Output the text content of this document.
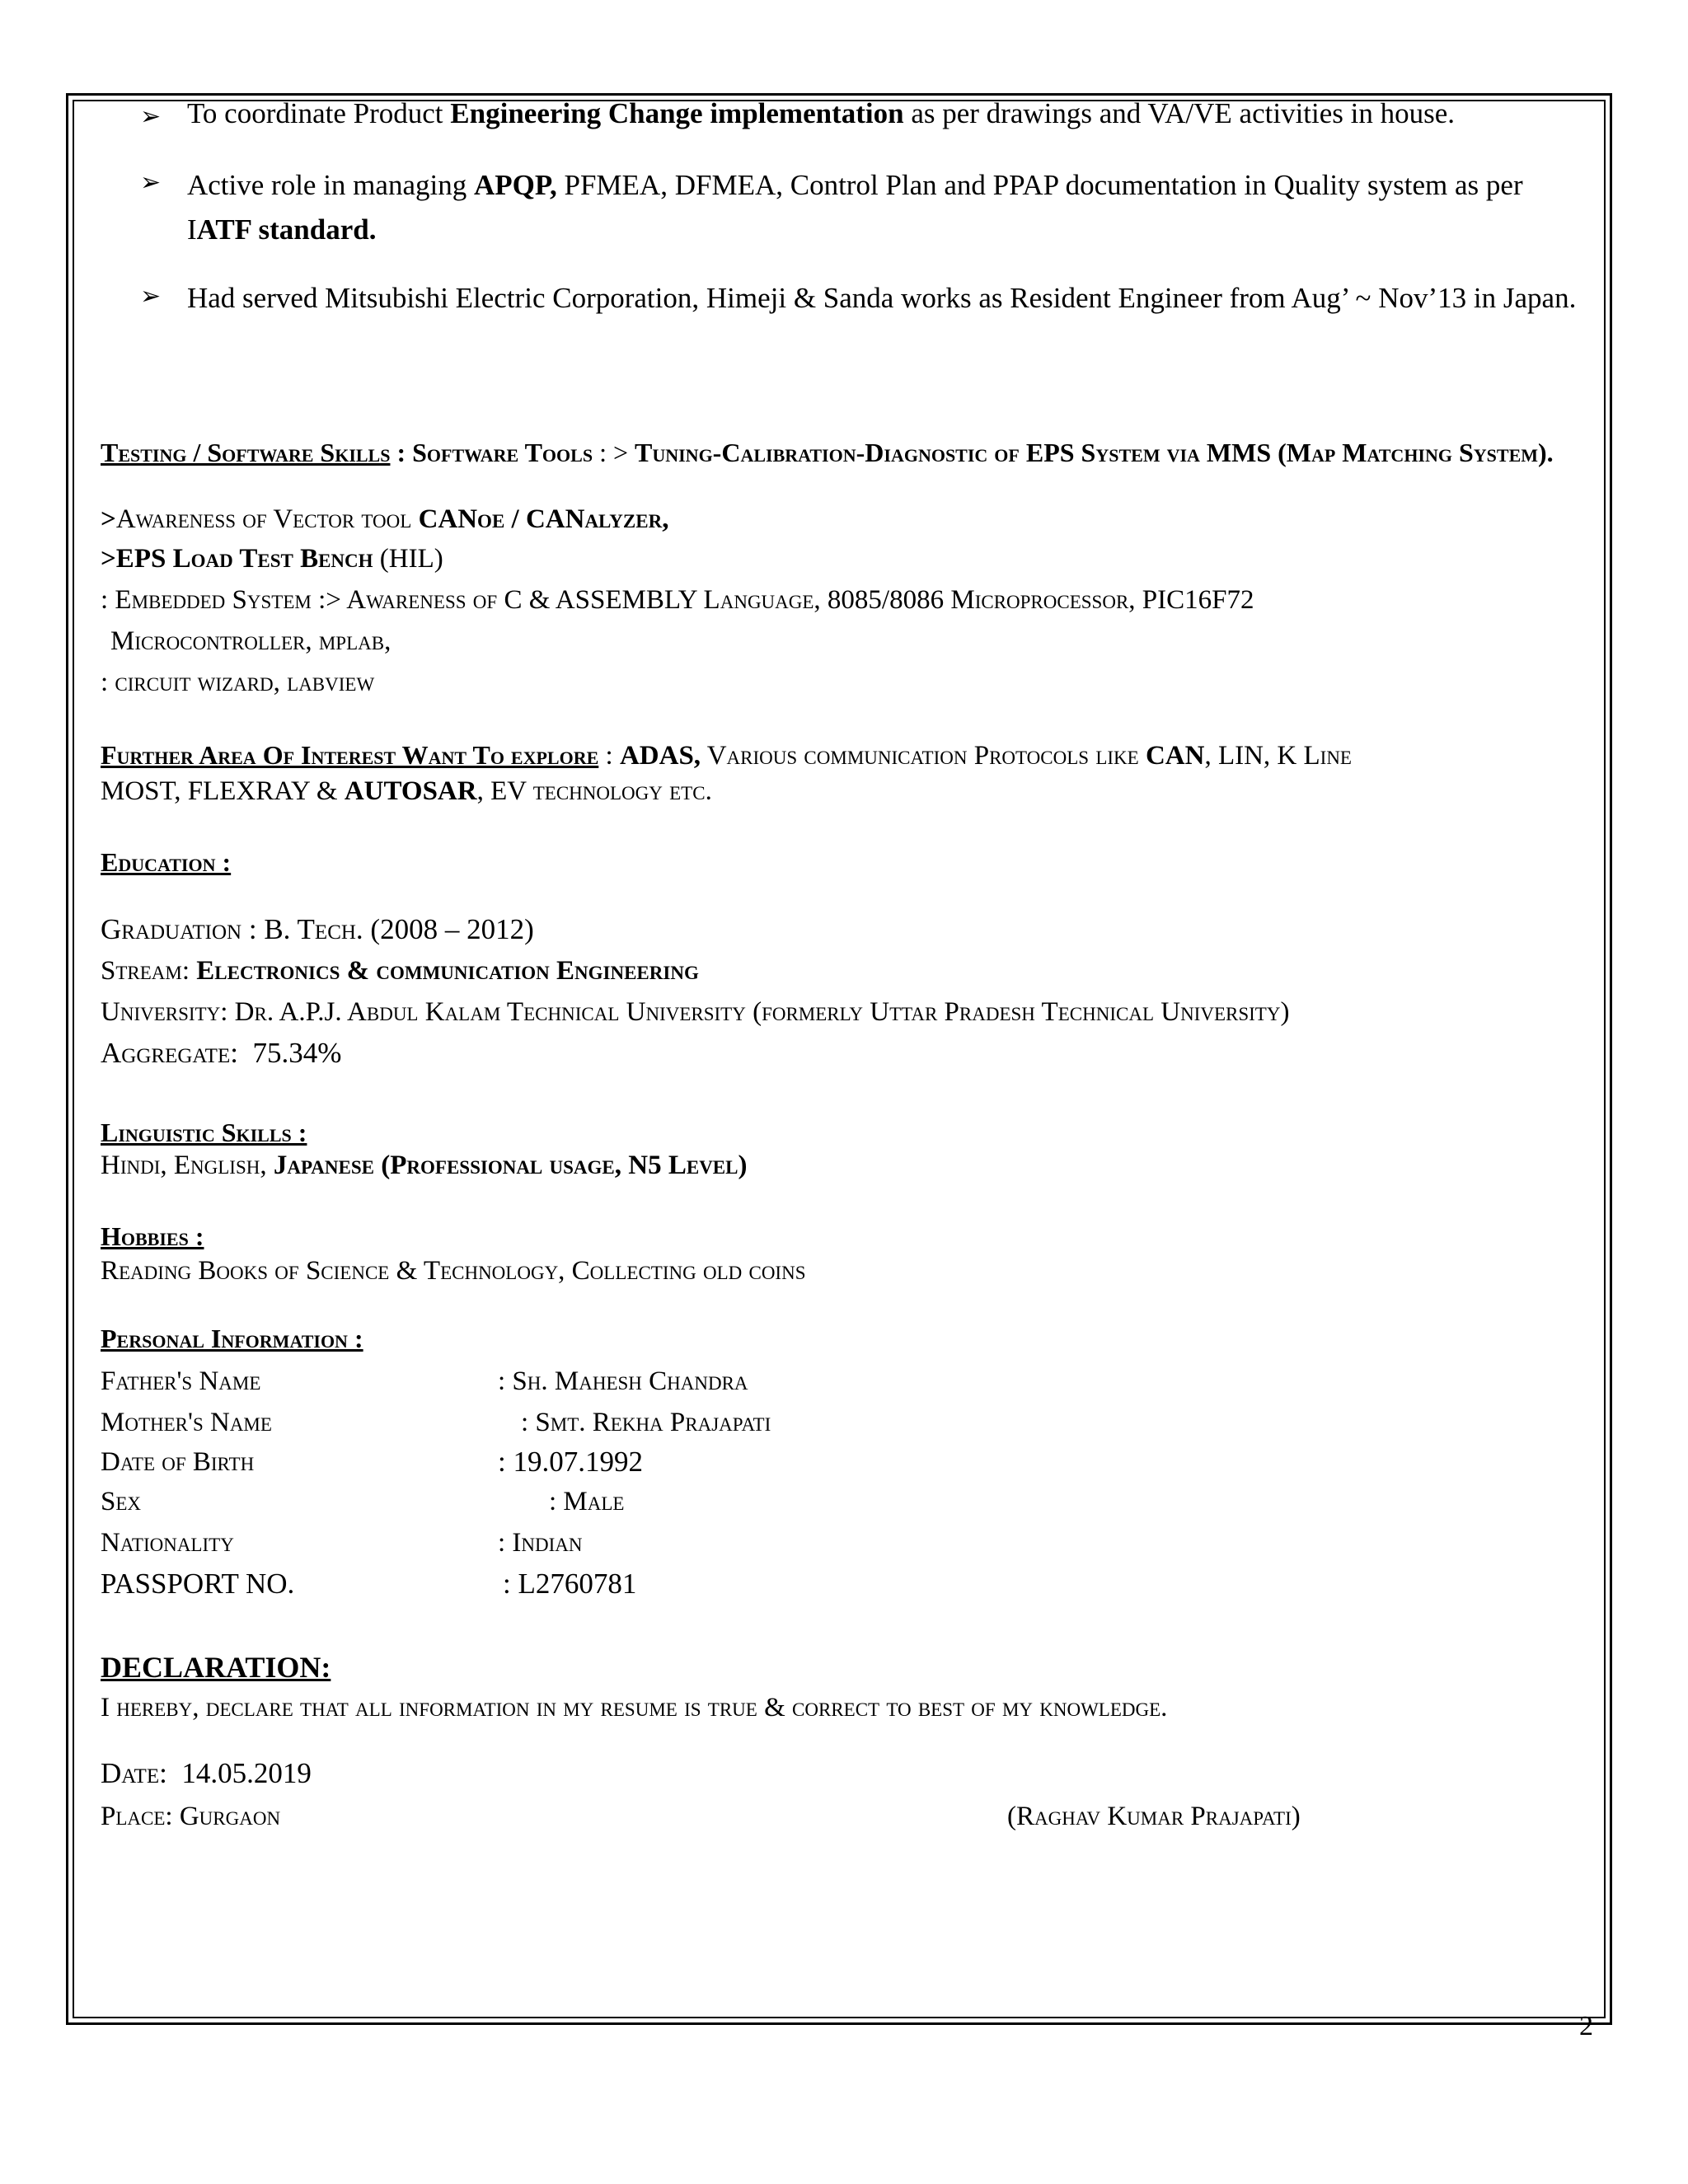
➢ To coordinate Product Engineering Change implementation as per drawings and VA/VE activities in house.
➢ Active role in managing APQP, PFMEA, DFMEA, Control Plan and PPAP documentation in Quality system as per IATF standard.
➢ Had served Mitsubishi Electric Corporation, Himeji & Sanda works as Resident Engineer from Aug’ ~ Nov’13 in Japan.
Testing / Software Skills : Software Tools : > Tuning-Calibration-Diagnostic of EPS System via MMS (Map Matching System).
>Awareness of Vector tool CANoe / CANalyzer,
>EPS Load Test Bench (HIL)
: Embedded System :> Awareness of C & ASSEMBLY Language, 8085/8086 Microprocessor, PIC16F72
Microcontroller, mplab,
: circuit wizard, labview
Further Area Of Interest Want To explore : ADAS, Various communication Protocols like CAN, LIN, K Line
MOST, FLEXRAY & AUTOSAR, EV technology etc.
Education :
Graduation : B. Tech. (2008 – 2012)
Stream: Electronics & communication Engineering
University: Dr. A.P.J. Abdul Kalam Technical University (formerly Uttar Pradesh Technical University)
Aggregate: 75.34%
Linguistic Skills :
Hindi, English, Japanese (Professional usage, N5 Level)
Hobbies :
Reading Books of Science & Technology, Collecting old coins
Personal Information :
Father's Name	: Sh. Mahesh Chandra
Mother's Name	: Smt. Rekha Prajapati
Date of Birth	: 19.07.1992
Sex	: Male
Nationality	: Indian
PASSPORT NO.	: L2760781
DECLARATION:
I hereby, declare that all information in my resume is true & correct to best of my knowledge.
Date: 14.05.2019
Place: Gurgaon	(Raghav Kumar Prajapati)
2
